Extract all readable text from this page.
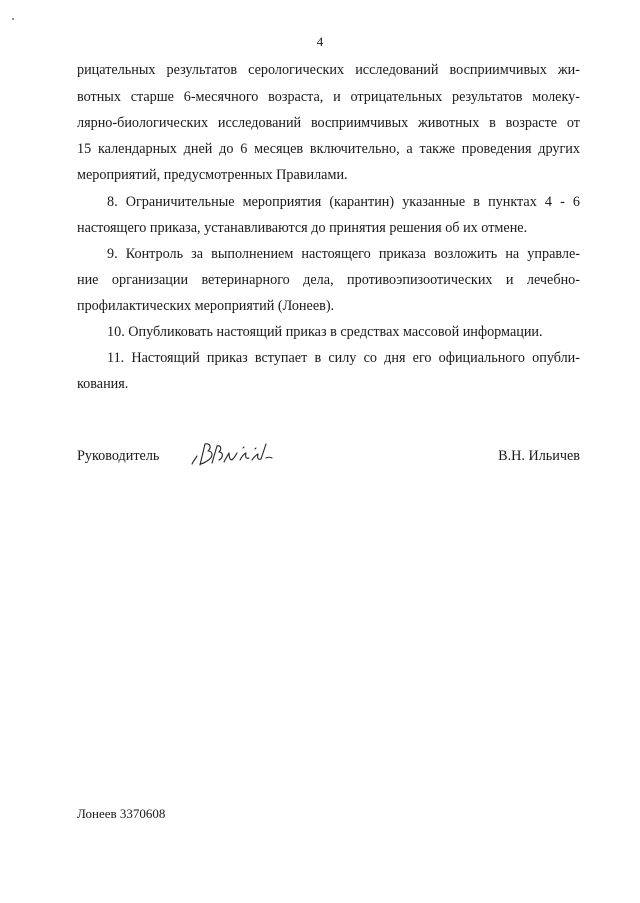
4
рицательных результатов серологических исследований восприимчивых жи-
вотных старше 6-месячного возраста, и отрицательных результатов молеку-
лярно-биологических исследований восприимчивых животных в возрасте от
15 календарных дней до 6 месяцев включительно, а также проведения других
мероприятий, предусмотренных Правилами.
8. Ограничительные мероприятия (карантин) указанные в пунктах 4 - 6
настоящего приказа, устанавливаются до принятия решения об их отмене.
9. Контроль за выполнением настоящего приказа возложить на управле-
ние организации ветеринарного дела, противоэпизоотических и лечебно-
профилактических мероприятий (Лонеев).
10. Опубликовать настоящий приказ в средствах массовой информации.
11. Настоящий приказ вступает в силу со дня его официального опубли-
кования.
Руководитель	В.Н. Ильичев
Лонеев 3370608
